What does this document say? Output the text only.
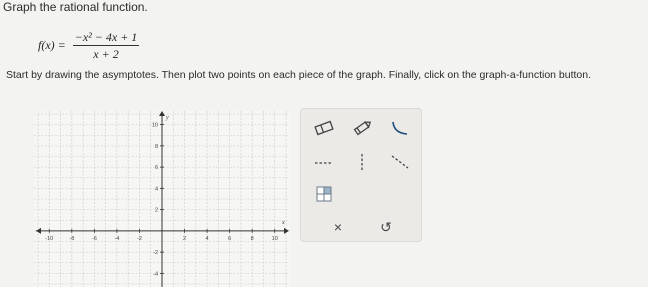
Graph the rational function.
$f(x) = \frac{\text{−x² − 4x + 1}}{x + 2}$
Start by drawing the asymptotes. Then plot two points on each piece of the graph. Finally, click on the graph-a-function button.
x
y
-10	-8	-6	-4	-2	2	4	6	8	10
10
8
6
4
2
-2
-4
×	↺
